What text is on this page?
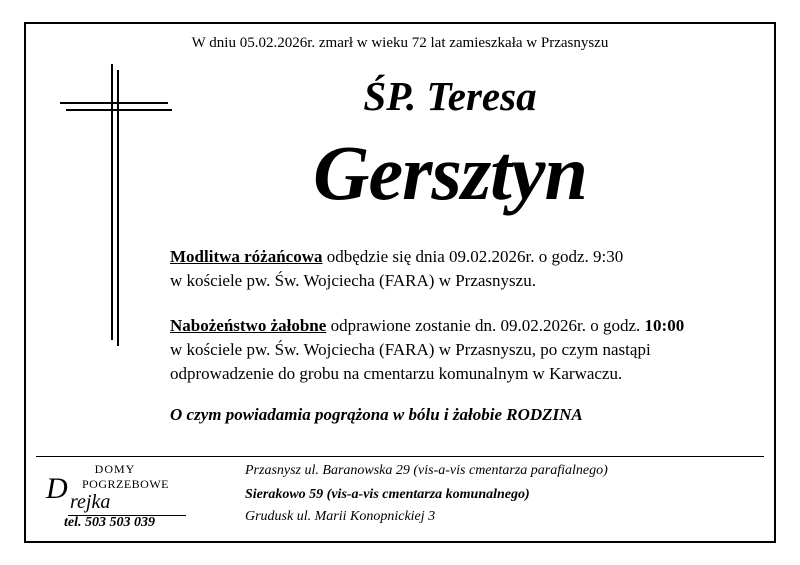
W dniu 05.02.2026r. zmarł w wieku 72 lat zamieszkała w Przasnyszu
ŚP. Teresa
Gersztyn
Modlitwa różańcowa odbędzie się dnia 09.02.2026r. o godz. 9:30
w kościele pw. Św. Wojciecha (FARA) w Przasnyszu.
Nabożeństwo żałobne odprawione zostanie dn. 09.02.2026r. o godz. 10:00
w kościele pw. Św. Wojciecha (FARA) w Przasnyszu, po czym nastąpi
odprowadzenie do grobu na cmentarzu komunalnym w Karwaczu.
O czym powiadamia pogrążona w bólu i żałobie RODZINA
DOMY
POGRZEBOWE
D rejka
tel. 503 503 039
Przasnysz ul. Baranowska 29 (vis-a-vis cmentarza parafialnego)
Sierakowo 59 (vis-a-vis cmentarza komunalnego)
Grudusk ul. Marii Konopnickiej 3
